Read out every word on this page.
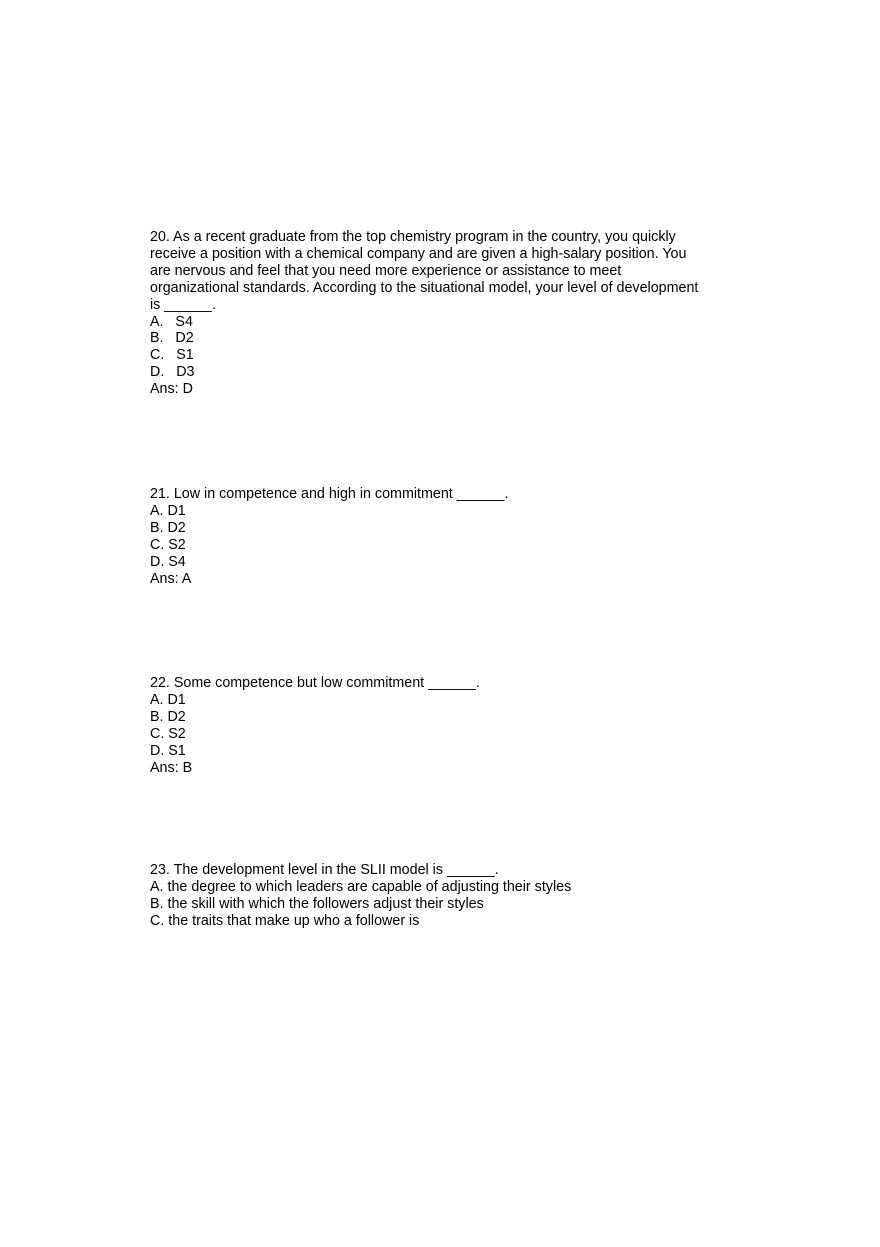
20. As a recent graduate from the top chemistry program in the country, you quickly
receive a position with a chemical company and are given a high-salary position. You
are nervous and feel that you need more experience or assistance to meet
organizational standards. According to the situational model, your level of development
is ______.
A.   S4
B.   D2
C.   S1
D.   D3
Ans: D
21. Low in competence and high in commitment ______.
A. D1
B. D2
C. S2
D. S4
Ans: A
22. Some competence but low commitment ______.
A. D1
B. D2
C. S2
D. S1
Ans: B
23. The development level in the SLII model is ______.
A. the degree to which leaders are capable of adjusting their styles
B. the skill with which the followers adjust their styles
C. the traits that make up who a follower is
